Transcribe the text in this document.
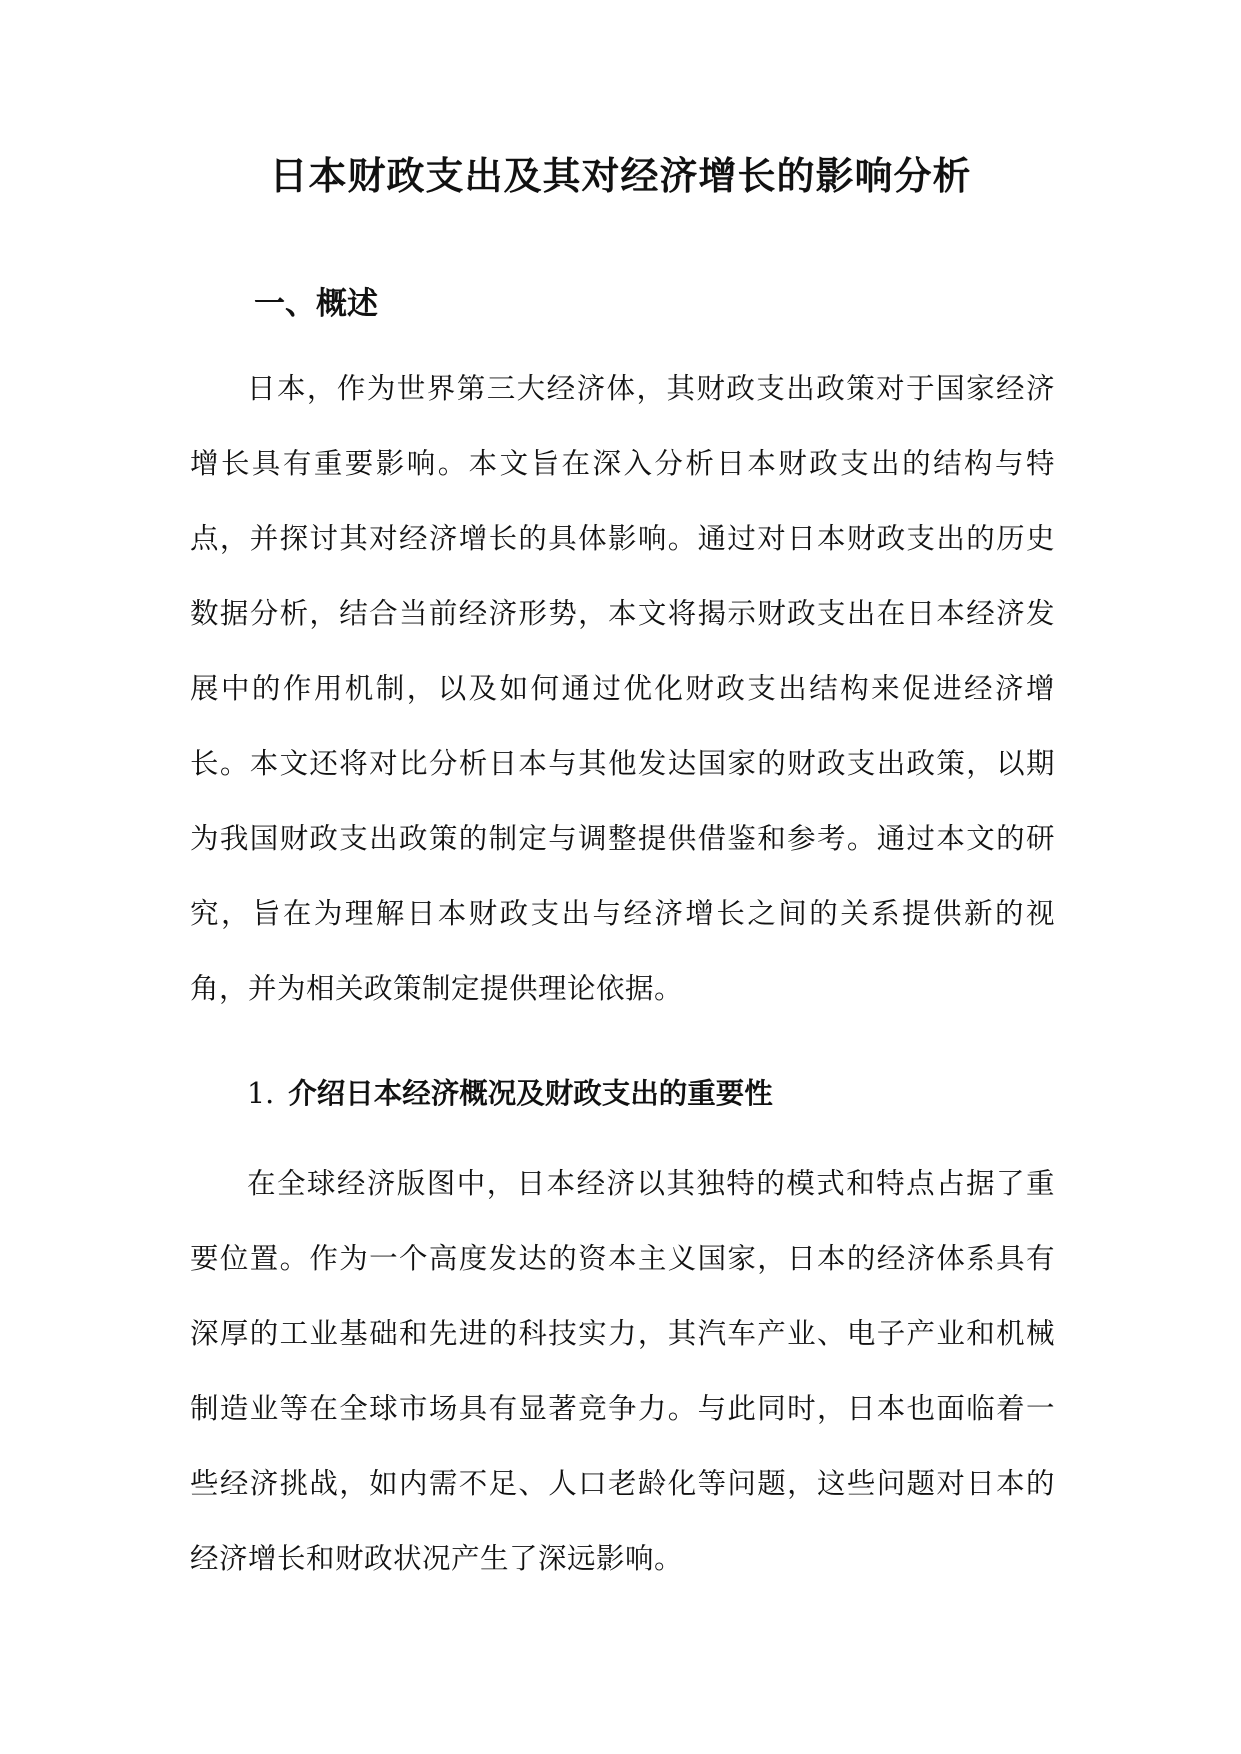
日本财政支出及其对经济增长的影响分析
一、概述

日本，作为世界第三大经济体，其财政支出政策对于国家经济增长具有重要影响。本文旨在深入分析日本财政支出的结构与特点，并探讨其对经济增长的具体影响。通过对日本财政支出的历史数据分析，结合当前经济形势，本文将揭示财政支出在日本经济发展中的作用机制，以及如何通过优化财政支出结构来促进经济增长。本文还将对比分析日本与其他发达国家的财政支出政策，以期为我国财政支出政策的制定与调整提供借鉴和参考。通过本文的研究，旨在为理解日本财政支出与经济增长之间的关系提供新的视角，并为相关政策制定提供理论依据。

1. 介绍日本经济概况及财政支出的重要性

在全球经济版图中，日本经济以其独特的模式和特点占据了重要位置。作为一个高度发达的资本主义国家，日本的经济体系具有深厚的工业基础和先进的科技实力，其汽车产业、电子产业和机械制造业等在全球市场具有显著竞争力。与此同时，日本也面临着一些经济挑战，如内需不足、人口老龄化等问题，这些问题对日本的经济增长和财政状况产生了深远影响。
